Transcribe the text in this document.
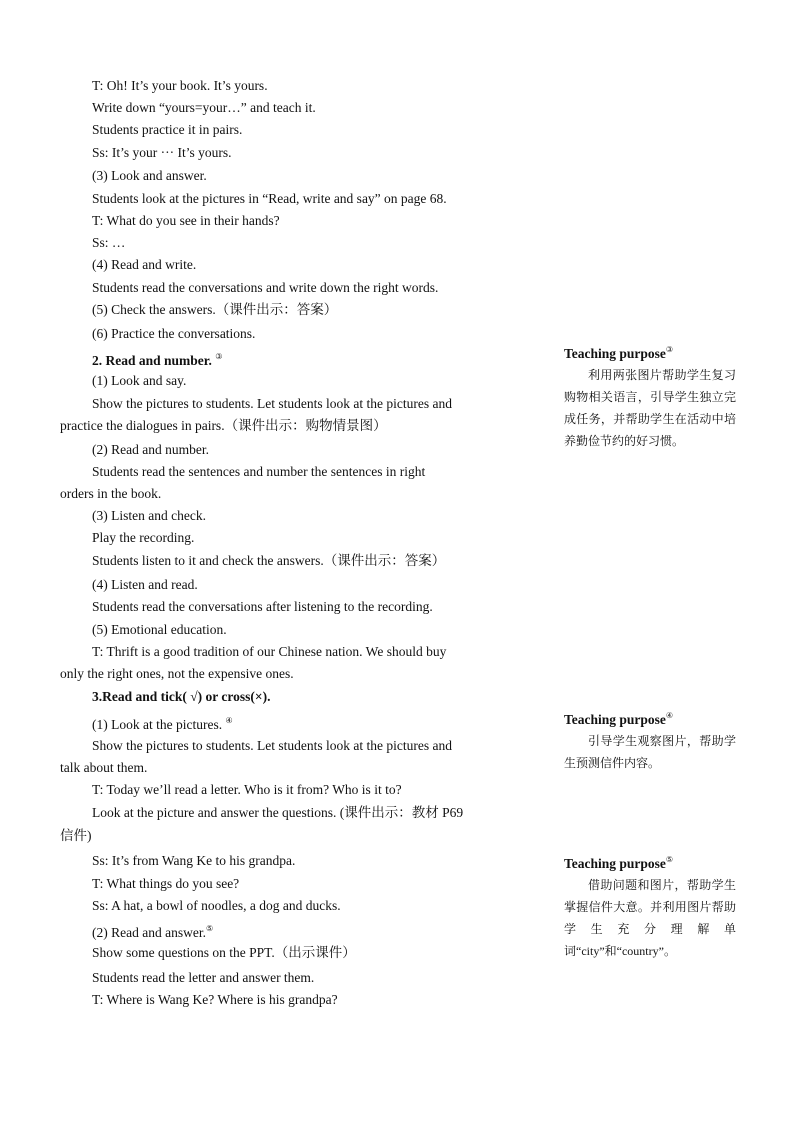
T: Oh! It’s your book. It’s yours.
Write down “yours=your…” and teach it.
Students practice it in pairs.
Ss: It’s your ··· It’s yours.
(3) Look and answer.
Students look at the pictures in “Read, write and say” on page 68.
T: What do you see in their hands?
Ss: …
(4) Read and write.
Students read the conversations and write down the right words.
(5) Check the answers.（课件出示：答案）
(6) Practice the conversations.
2. Read and number. ③
(1) Look and say.
Show the pictures to students. Let students look at the pictures and
practice the dialogues in pairs.（课件出示：购物情景图）
(2) Read and number.
Students read the sentences and number the sentences in right
orders in the book.
(3) Listen and check.
Play the recording.
Students listen to it and check the answers.（课件出示：答案）
(4) Listen and read.
Students read the conversations after listening to the recording.
(5) Emotional education.
T: Thrift is a good tradition of our Chinese nation. We should buy
only the right ones, not the expensive ones.
3.Read and tick( √) or cross(×).
(1) Look at the pictures. ④
Show the pictures to students. Let students look at the pictures and
talk about them.
T: Today we’ll read a letter. Who is it from? Who is it to?
Look at the picture and answer the questions. (课件出示：教材 P69
信件)
Ss: It’s from Wang Ke to his grandpa.
T: What things do you see?
Ss: A hat, a bowl of noodles, a dog and ducks.
(2) Read and answer.⑤
Show some questions on the PPT.（出示课件）
Students read the letter and answer them.
T: Where is Wang Ke? Where is his grandpa?
Teaching purpose③
利用两张图片帮助学生复习购物相关语言，引导学生独立完成任务，并帮助学生在活动中培养勤俭节约的好习惯。
Teaching purpose④
引导学生观察图片，帮助学生预测信件内容。
Teaching purpose⑤
借助问题和图片，帮助学生掌握信件大意。并利用图片帮助学生充分理解单词“city”和“country”。
